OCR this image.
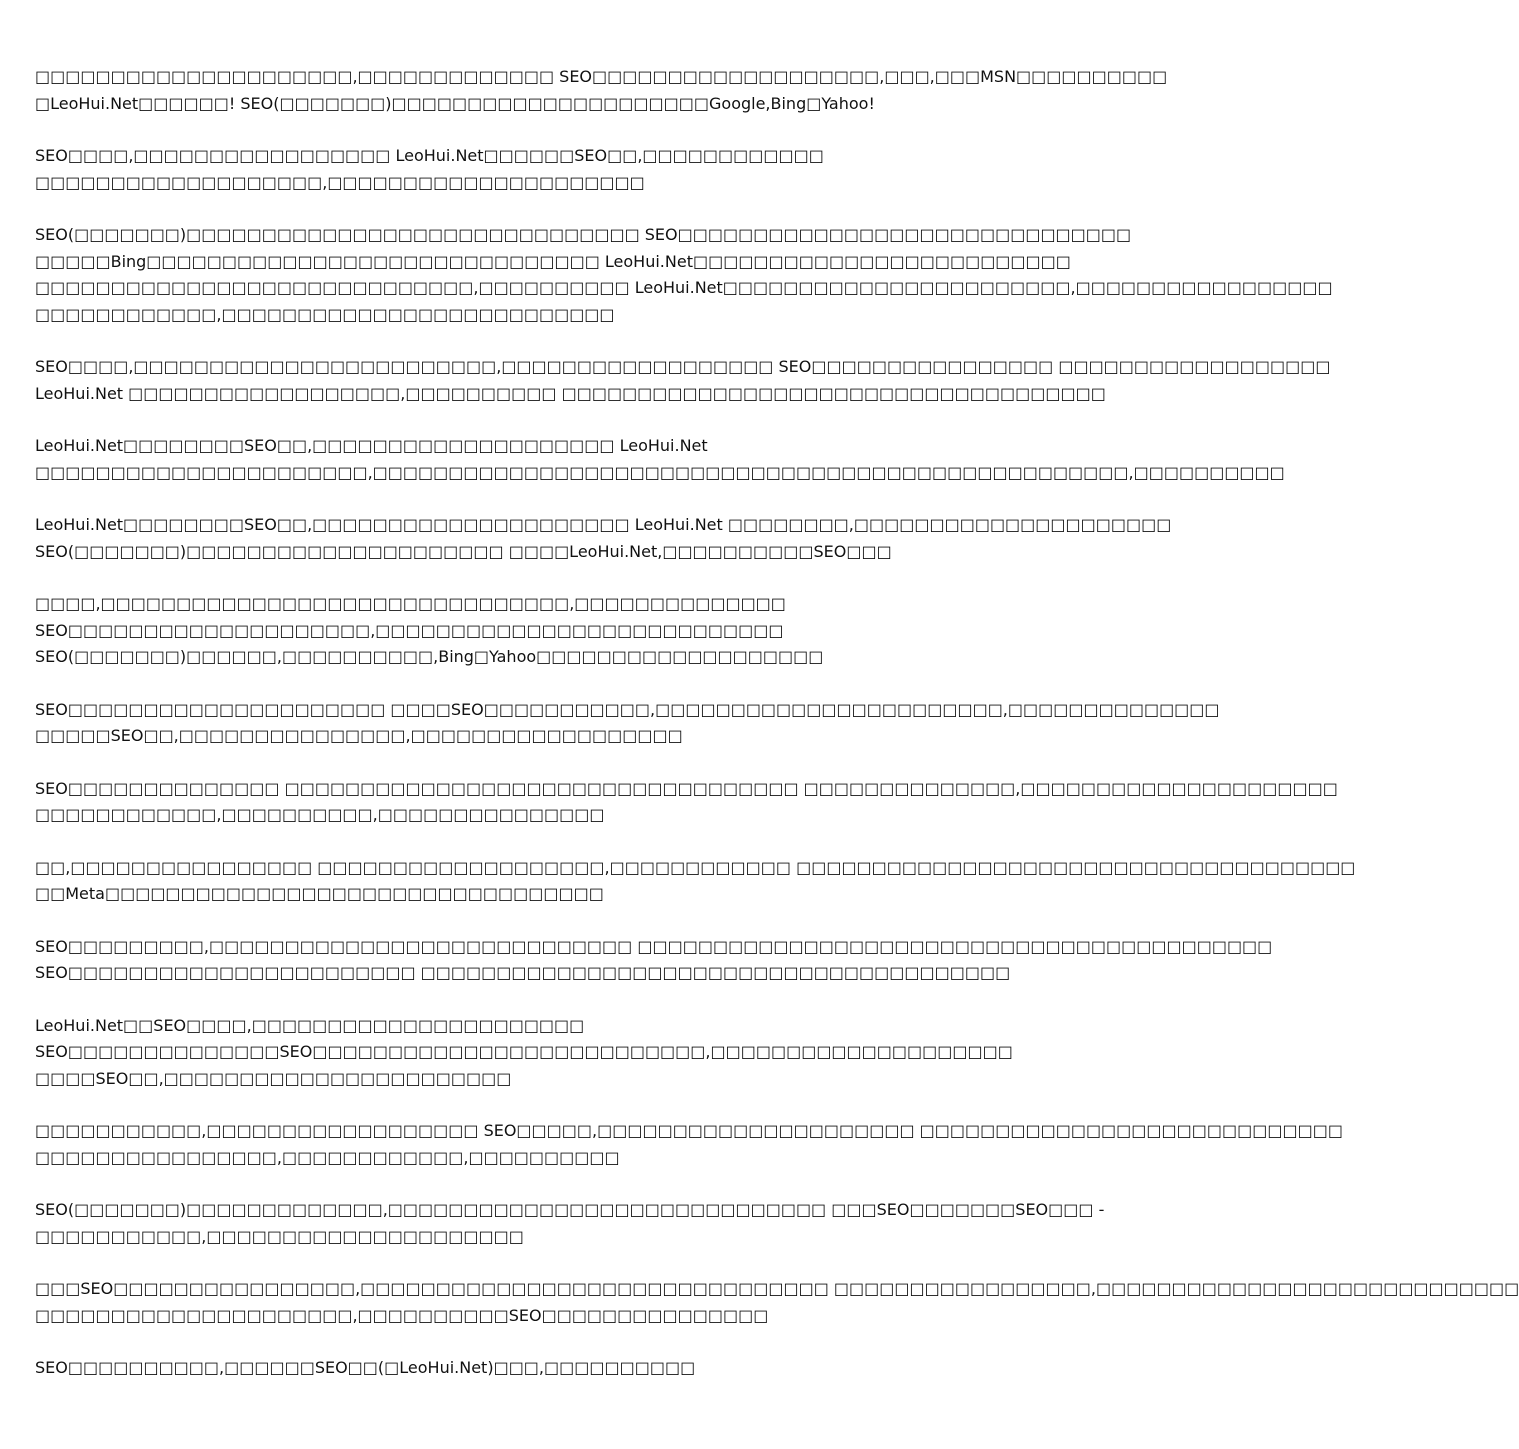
□□□□□□□□□□□□□□□□□□□□□,□□□□□□□□□□□□□ SEO□□□□□□□□□□□□□□□□□□□,□□□,□□□MSN□□□□□□□□□□
□LeoHui.Net□□□□□□! SEO(□□□□□□□)□□□□□□□□□□□□□□□□□□□□□Google,Bing□Yahoo!
SEO□□□□,□□□□□□□□□□□□□□□□□ LeoHui.Net□□□□□□SEO□□,□□□□□□□□□□□□
□□□□□□□□□□□□□□□□□□□,□□□□□□□□□□□□□□□□□□□□□
SEO(□□□□□□□)□□□□□□□□□□□□□□□□□□□□□□□□□□□□□□ SEO□□□□□□□□□□□□□□□□□□□□□□□□□□□□□□
□□□□□Bing□□□□□□□□□□□□□□□□□□□□□□□□□□□□□□ LeoHui.Net□□□□□□□□□□□□□□□□□□□□□□□□□
□□□□□□□□□□□□□□□□□□□□□□□□□□□□□,□□□□□□□□□□ LeoHui.Net□□□□□□□□□□□□□□□□□□□□□□□,□□□□□□□□□□□□□□□□□
□□□□□□□□□□□□,□□□□□□□□□□□□□□□□□□□□□□□□□□
SEO□□□□,□□□□□□□□□□□□□□□□□□□□□□□□,□□□□□□□□□□□□□□□□□□ SEO□□□□□□□□□□□□□□□□ □□□□□□□□□□□□□□□□□□
LeoHui.Net □□□□□□□□□□□□□□□□□□,□□□□□□□□□□ □□□□□□□□□□□□□□□□□□□□□□□□□□□□□□□□□□□□
LeoHui.Net□□□□□□□□SEO□□,□□□□□□□□□□□□□□□□□□□□ LeoHui.Net
□□□□□□□□□□□□□□□□□□□□□□,□□□□□□□□□□□□□□□□□□□□□□□□□□□□□□□□□□□□□□□□□□□□□□□□□□,□□□□□□□□□□
LeoHui.Net□□□□□□□□SEO□□,□□□□□□□□□□□□□□□□□□□□□ LeoHui.Net □□□□□□□□,□□□□□□□□□□□□□□□□□□□□□
SEO(□□□□□□□)□□□□□□□□□□□□□□□□□□□□□ □□□□LeoHui.Net,□□□□□□□□□□SEO□□□
□□□□,□□□□□□□□□□□□□□□□□□□□□□□□□□□□□□□,□□□□□□□□□□□□□□
SEO□□□□□□□□□□□□□□□□□□□□,□□□□□□□□□□□□□□□□□□□□□□□□□□□
SEO(□□□□□□□)□□□□□□,□□□□□□□□□□,Bing□Yahoo□□□□□□□□□□□□□□□□□□□
SEO□□□□□□□□□□□□□□□□□□□□□ □□□□SEO□□□□□□□□□□□,□□□□□□□□□□□□□□□□□□□□□□□,□□□□□□□□□□□□□□
□□□□□SEO□□,□□□□□□□□□□□□□□□,□□□□□□□□□□□□□□□□□□
SEO□□□□□□□□□□□□□□ □□□□□□□□□□□□□□□□□□□□□□□□□□□□□□□□□□ □□□□□□□□□□□□□□,□□□□□□□□□□□□□□□□□□□□□
□□□□□□□□□□□□,□□□□□□□□□□,□□□□□□□□□□□□□□□
□□,□□□□□□□□□□□□□□□□ □□□□□□□□□□□□□□□□□□□,□□□□□□□□□□□□ □□□□□□□□□□□□□□□□□□□□□□□□□□□□□□□□□□□□□
□□Meta□□□□□□□□□□□□□□□□□□□□□□□□□□□□□□□□□
SEO□□□□□□□□□,□□□□□□□□□□□□□□□□□□□□□□□□□□□□ □□□□□□□□□□□□□□□□□□□□□□□□□□□□□□□□□□□□□□□□□□
SEO□□□□□□□□□□□□□□□□□□□□□□□ □□□□□□□□□□□□□□□□□□□□□□□□□□□□□□□□□□□□□□□
LeoHui.Net□□SEO□□□□,□□□□□□□□□□□□□□□□□□□□□□
SEO□□□□□□□□□□□□□□SEO□□□□□□□□□□□□□□□□□□□□□□□□□□,□□□□□□□□□□□□□□□□□□□□
□□□□SEO□□,□□□□□□□□□□□□□□□□□□□□□□□
□□□□□□□□□□□,□□□□□□□□□□□□□□□□□□ SEO□□□□□,□□□□□□□□□□□□□□□□□□□□□ □□□□□□□□□□□□□□□□□□□□□□□□□□□□
□□□□□□□□□□□□□□□□,□□□□□□□□□□□□,□□□□□□□□□□
SEO(□□□□□□□)□□□□□□□□□□□□□,□□□□□□□□□□□□□□□□□□□□□□□□□□□□□ □□□SEO□□□□□□□SEO□□□ -
□□□□□□□□□□□,□□□□□□□□□□□□□□□□□□□□□
□□□SEO□□□□□□□□□□□□□□□□,□□□□□□□□□□□□□□□□□□□□□□□□□□□□□□□ □□□□□□□□□□□□□□□□□,□□□□□□□□□□□□□□□□□□□□□□□□□□□□
□□□□□□□□□□□□□□□□□□□□□,□□□□□□□□□□SEO□□□□□□□□□□□□□□□
SEO□□□□□□□□□□,□□□□□□SEO□□(□LeoHui.Net)□□□,□□□□□□□□□□
